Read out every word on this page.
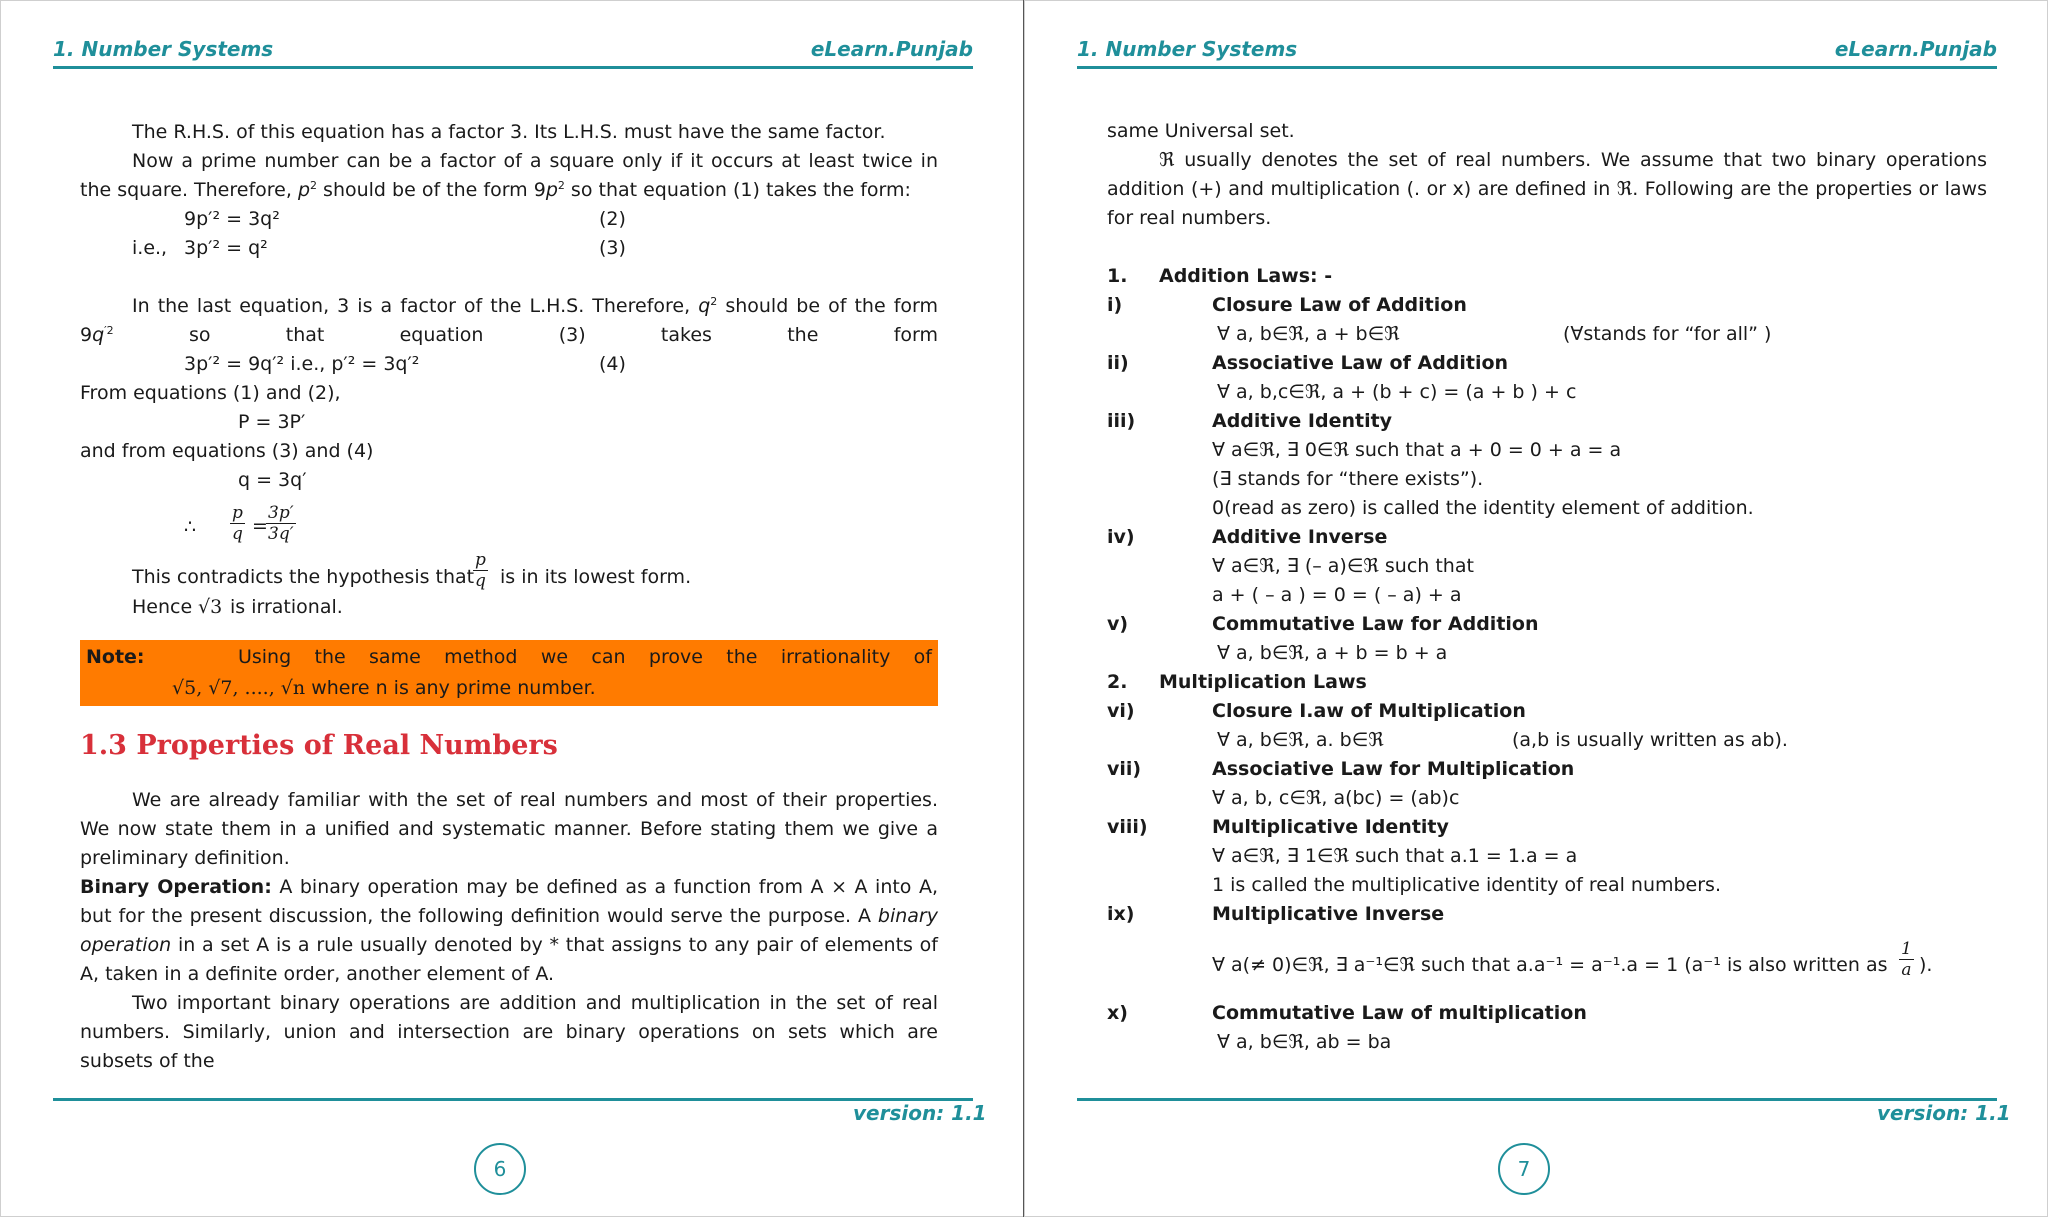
1. Number Systems	eLearn.Punjab
The R.H.S. of this equation has a factor 3. Its L.H.S. must have the same factor.
Now a prime number can be a factor of a square only if it occurs at least twice in the square. Therefore, $p^2$ should be of the form $9p^2$ so that equation (1) takes the form:
9p′² = 3q²	(2)
i.e., 3p′² = q²	(3)
In the last equation, 3 is a factor of the L.H.S. Therefore, $q^2$ should be of the form $9q^{'2}$ so that equation (3) takes the form
3p′² = 9q′² i.e., p′² = 3q′²	(4)
From equations (1) and (2),
P = 3P′
and from equations (3) and (4)
q = 3q′
∴ $\frac{p}{q}$ =
$\frac{3p'}{3q'}$
This contradicts the hypothesis that
$\frac{p}{q}$ is in its lowest form.
Hence √3 is irrational.
Note:	Using the same method we can prove the irrationality of
√5, √7, ...., √n where n is any prime number.
1.3 Properties of Real Numbers
We are already familiar with the set of real numbers and most of their properties. We now state them in a unified and systematic manner. Before stating them we give a preliminary definition.
Binary Operation: A binary operation may be defined as a function from A × A into A, but for the present discussion, the following definition would serve the purpose. A binary operation in a set A is a rule usually denoted by * that assigns to any pair of elements of A, taken in a definite order, another element of A.
Two important binary operations are addition and multiplication in the set of real numbers. Similarly, union and intersection are binary operations on sets which are subsets of the
version: 1.1
6
1. Number Systems	eLearn.Punjab
same Universal set.
ℜ usually denotes the set of real numbers. We assume that two binary operations addition (+) and multiplication (. or x) are defined in ℜ. Following are the properties or laws for real numbers.
1. Addition Laws: -
i)	Closure Law of Addition
∀ a, b∈ℜ, a + b∈ℜ	(∀stands for “for all” )
ii)	Associative Law of Addition
∀ a, b,c∈ℜ, a + (b + c) = (a + b ) + c
iii)	Additive Identity
∀ a∈ℜ, ∃ 0∈ℜ such that a + 0 = 0 + a = a
(∃ stands for “there exists”).
0(read as zero) is called the identity element of addition.
iv)	Additive Inverse
∀ a∈ℜ, ∃ (– a)∈ℜ such that
a + ( – a ) = 0 = ( – a) + a
v)	Commutative Law for Addition
∀ a, b∈ℜ, a + b = b + a
2. Multiplication Laws
vi)	Closure I.aw of Multiplication
∀ a, b∈ℜ, a. b∈ℜ	(a,b is usually written as ab).
vii)	Associative Law for Multiplication
∀ a, b, c∈ℜ, a(bc) = (ab)c
viii)	Multiplicative Identity
∀ a∈ℜ, ∃ 1∈ℜ such that a.1 = 1.a = a
1 is called the multiplicative identity of real numbers.
ix)	Multiplicative Inverse
∀ a(≠ 0)∈ℜ, ∃ a⁻¹∈ℜ such that a.a⁻¹ = a⁻¹.a = 1 (a⁻¹ is also written as $\frac{1}{a}$ ).
x)	Commutative Law of multiplication
∀ a, b∈ℜ, ab = ba
version: 1.1
7
